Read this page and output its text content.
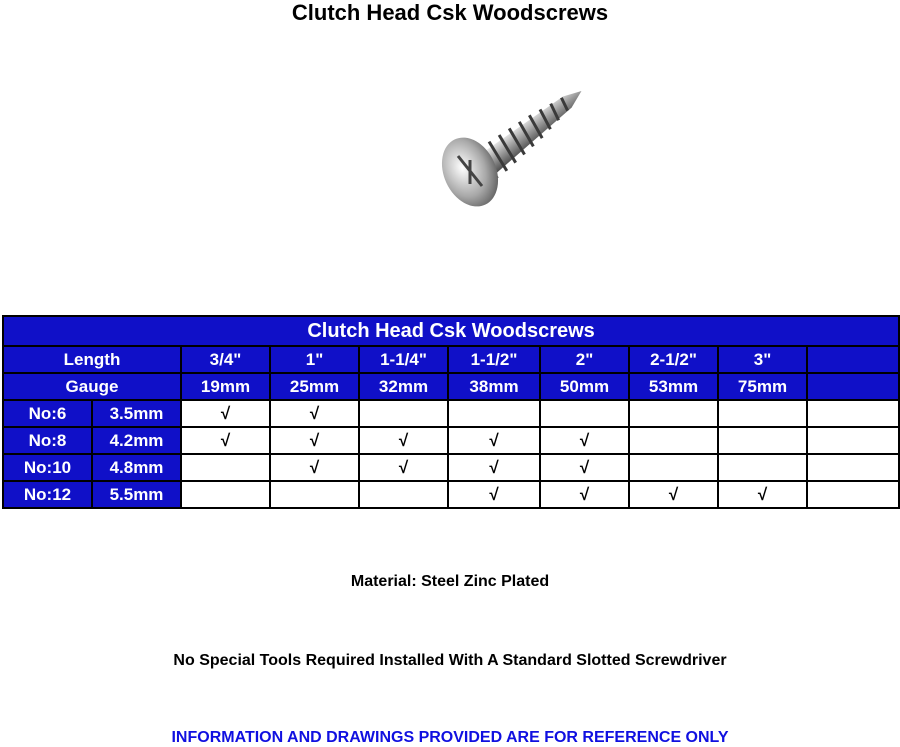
Clutch Head Csk Woodscrews
Clutch Head Csk Woodscrews									
Length		3/4"	1"	1-1/4"	1-1/2"	2"	2-1/2"	3"	
Gauge		19mm	25mm	32mm	38mm	50mm	53mm	75mm	
No:6	3.5mm	√	√						
No:8	4.2mm	√	√	√	√	√			
No:10	4.8mm		√	√	√	√			
No:12	5.5mm				√	√	√	√	
Material: Steel Zinc Plated
No Special Tools Required Installed With A Standard Slotted Screwdriver
INFORMATION AND DRAWINGS PROVIDED ARE FOR REFERENCE ONLY
